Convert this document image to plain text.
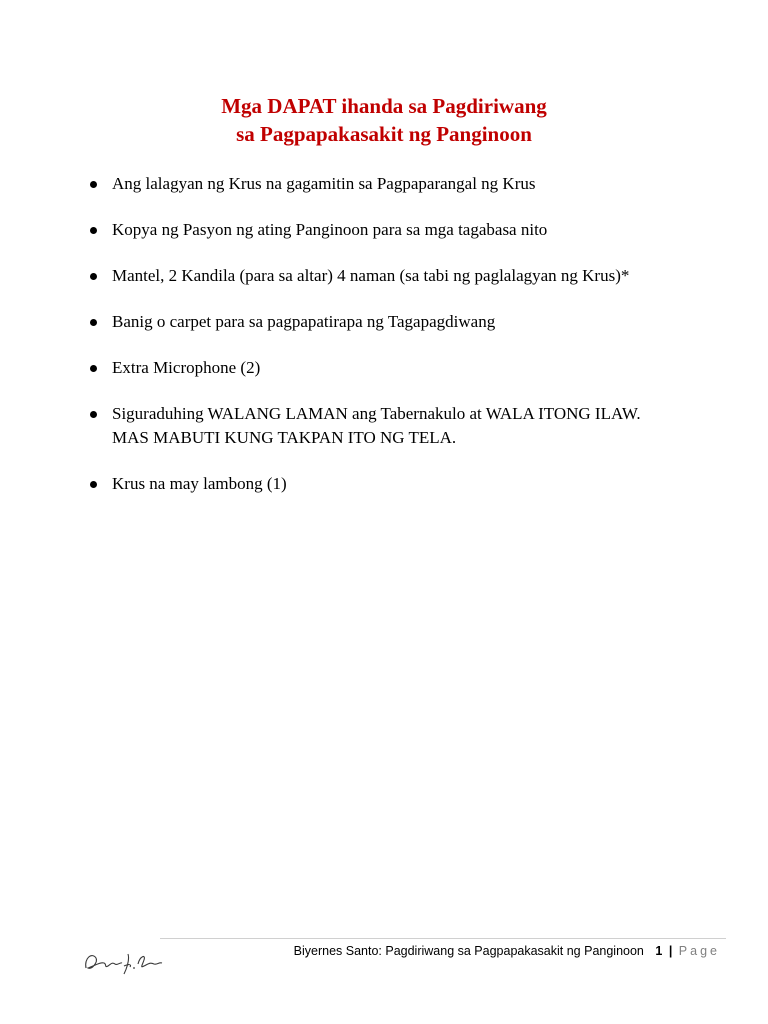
Mga DAPAT ihanda sa Pagdiriwang
sa Pagpapakasakit ng Panginoon
Ang lalagyan ng Krus na gagamitin sa Pagpaparangal ng Krus
Kopya ng Pasyon ng ating Panginoon para sa mga tagabasa nito
Mantel, 2 Kandila (para sa altar) 4 naman (sa tabi ng paglalagyan ng Krus)*
Banig o carpet para sa pagpapatirapa ng Tagapagdiwang
Extra Microphone (2)
Siguraduhing WALANG LAMAN ang Tabernakulo at WALA ITONG ILAW. MAS MABUTI KUNG TAKPAN ITO NG TELA.
Krus na may lambong (1)
Biyernes Santo: Pagdiriwang sa Pagpapakasakit ng Panginoon 1 | Page
